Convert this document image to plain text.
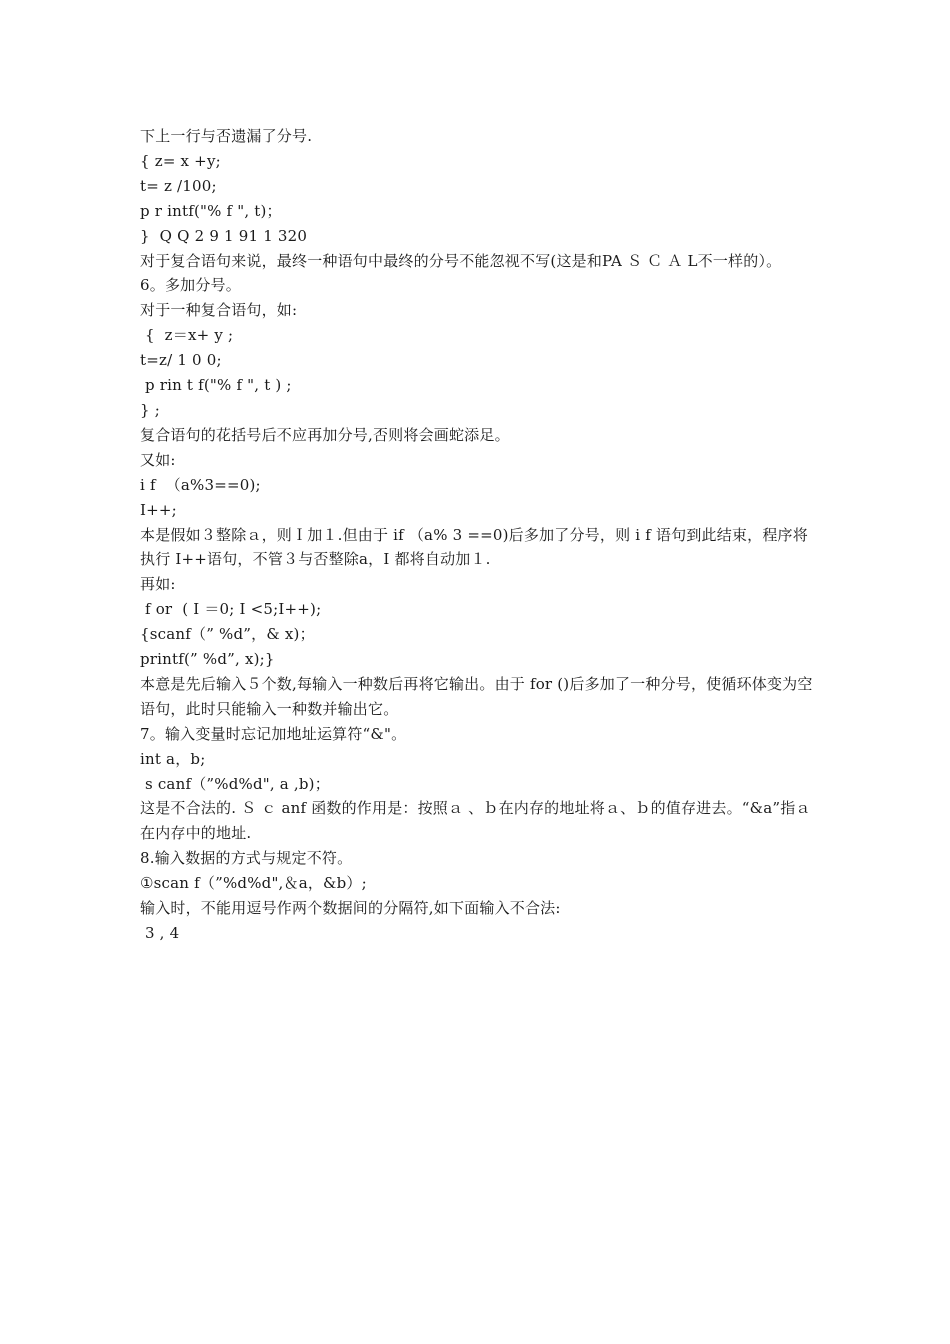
下上一行与否遗漏了分号.

{ z= x +y;

t= z /100;

p r intf("% f ", t)；

}  Q Q 2 9 1 91 1 320

对于复合语句来说，最终一种语句中最终的分号不能忽视不写(这是和PA Ｓ Ｃ Ａ L不一样的）。

6。多加分号。

对于一种复合语句，如:

{  z＝x+ y ;

t=z/ 1 0 0;

p rin t f("% f ", t ) ;

} ;

复合语句的花括号后不应再加分号,否则将会画蛇添足。

又如:

i f  （a%3==0);

I++;

本是假如３整除ａ，则Ｉ加１.但由于 if （a% 3 ==0)后多加了分号，则 i f 语句到此结束，程序将执行 I++语句，不管３与否整除a，I 都将自动加１.

再如:

f or  ( I ＝0; I <5;I++);

{scanf（” %d”，& x)；

printf(” %d”, x);}

本意是先后输入５个数,每输入一种数后再将它输出。由于 for ()后多加了一种分号，使循环体变为空语句，此时只能输入一种数并输出它。

7。输入变量时忘记加地址运算符“&"。

int a，b;

s canf（”%d%d", a ,b)；

这是不合法的. Ｓ ｃ anf 函数的作用是：按照ａ 、ｂ在内存的地址将ａ、ｂ的值存进去。“&a”指ａ在内存中的地址.

8.输入数据的方式与规定不符。

①scan f（”%d%d",＆a，&b）;

输入时，不能用逗号作两个数据间的分隔符,如下面输入不合法:

3 , 4
